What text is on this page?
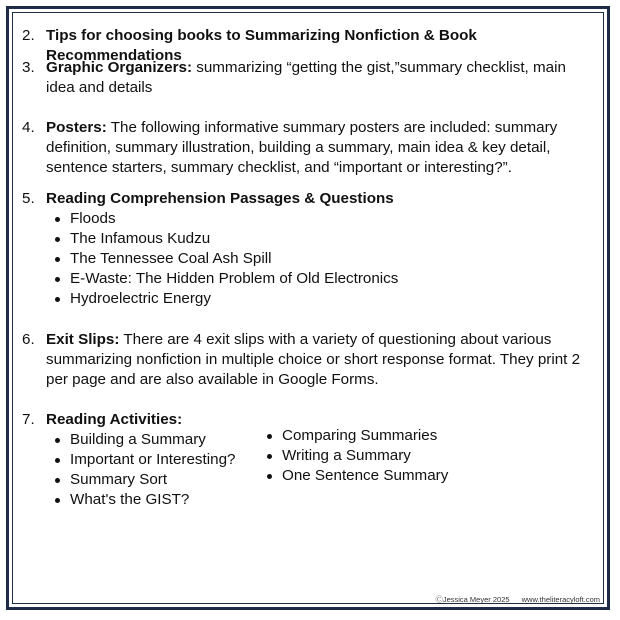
2. Tips for choosing books to Summarizing Nonfiction & Book Recommendations
3. Graphic Organizers: summarizing “getting the gist,”summary checklist, main idea and details
4. Posters: The following informative summary posters are included: summary definition, summary illustration, building a summary, main idea & key detail, sentence starters, summary checklist, and “important or interesting?”.
5. Reading Comprehension Passages & Questions
Floods
The Infamous Kudzu
The Tennessee Coal Ash Spill
E-Waste: The Hidden Problem of Old Electronics
Hydroelectric Energy
6. Exit Slips: There are 4 exit slips with a variety of questioning about various summarizing nonfiction in multiple choice or short response format. They print 2 per page and are also available in Google Forms.
7. Reading Activities:
Building a Summary
Important or Interesting?
Summary Sort
What's the GIST?
Comparing Summaries
Writing a Summary
One Sentence Summary
ⒸJessica Meyer 2025 www.theliteracyloft.com
